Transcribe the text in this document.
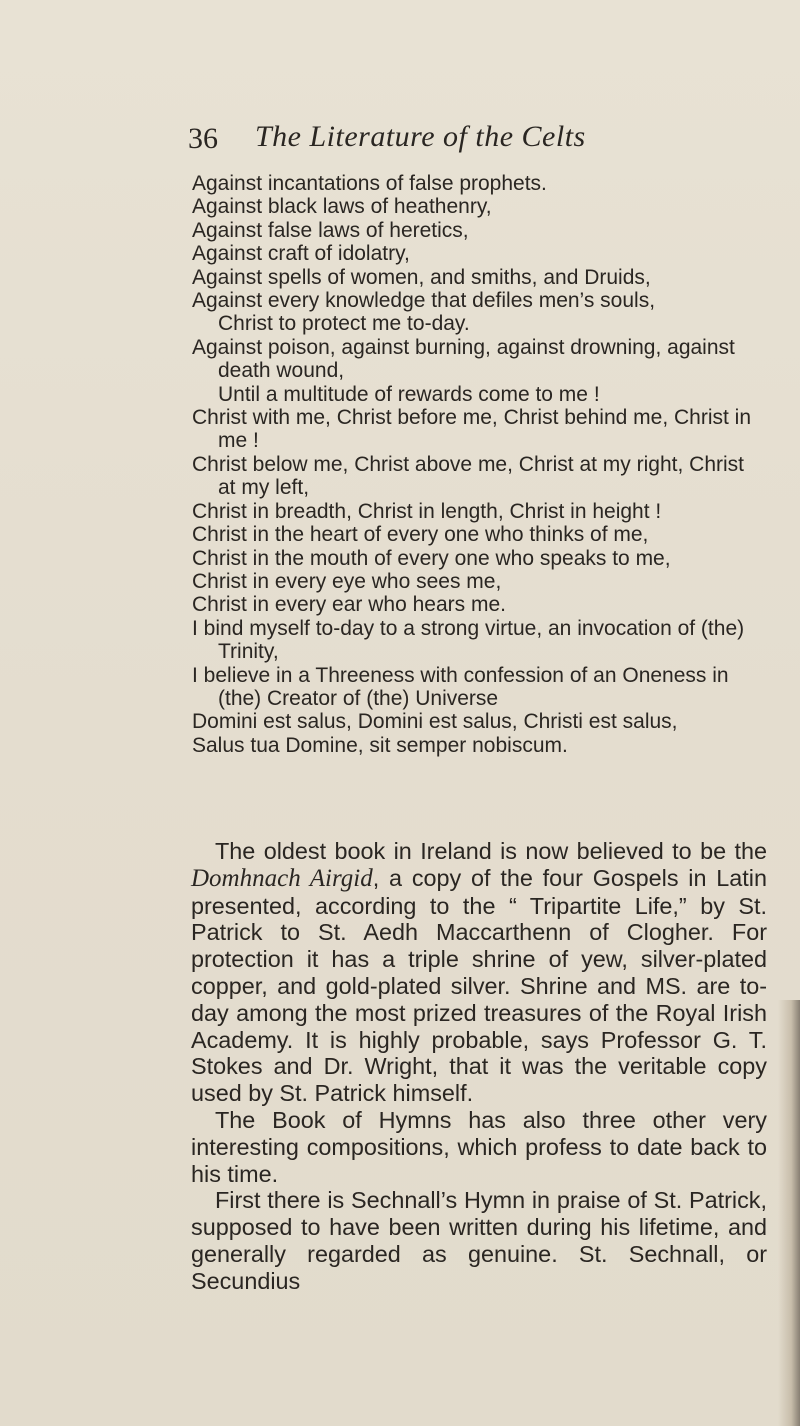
36 The Literature of the Celts
Against incantations of false prophets.
Against black laws of heathenry,
Against false laws of heretics,
Against craft of idolatry,
Against spells of women, and smiths, and Druids,
Against every knowledge that defiles men’s souls,
Christ to protect me to-day.
Against poison, against burning, against drowning, against death wound,
Until a multitude of rewards come to me !
Christ with me, Christ before me, Christ behind me, Christ in me !
Christ below me, Christ above me, Christ at my right, Christ at my left,
Christ in breadth, Christ in length, Christ in height !
Christ in the heart of every one who thinks of me,
Christ in the mouth of every one who speaks to me,
Christ in every eye who sees me,
Christ in every ear who hears me.
I bind myself to-day to a strong virtue, an invocation of (the) Trinity,
I believe in a Threeness with confession of an Oneness in (the) Creator of (the) Universe
Domini est salus, Domini est salus, Christi est salus,
Salus tua Domine, sit semper nobiscum.

The oldest book in Ireland is now believed to be the Domhnach Airgid, a copy of the four Gospels in Latin presented, according to the “ Tripartite Life,” by St. Patrick to St. Aedh Maccarthenn of Clogher. For protection it has a triple shrine of yew, silver-plated copper, and gold-plated silver. Shrine and MS. are to-day among the most prized treasures of the Royal Irish Academy. It is highly probable, says Professor G. T. Stokes and Dr. Wright, that it was the veritable copy used by St. Patrick himself.

The Book of Hymns has also three other very interesting compositions, which profess to date back to his time.

First there is Sechnall’s Hymn in praise of St. Patrick, supposed to have been written during his lifetime, and generally regarded as genuine. St. Sechnall, or Secundius
